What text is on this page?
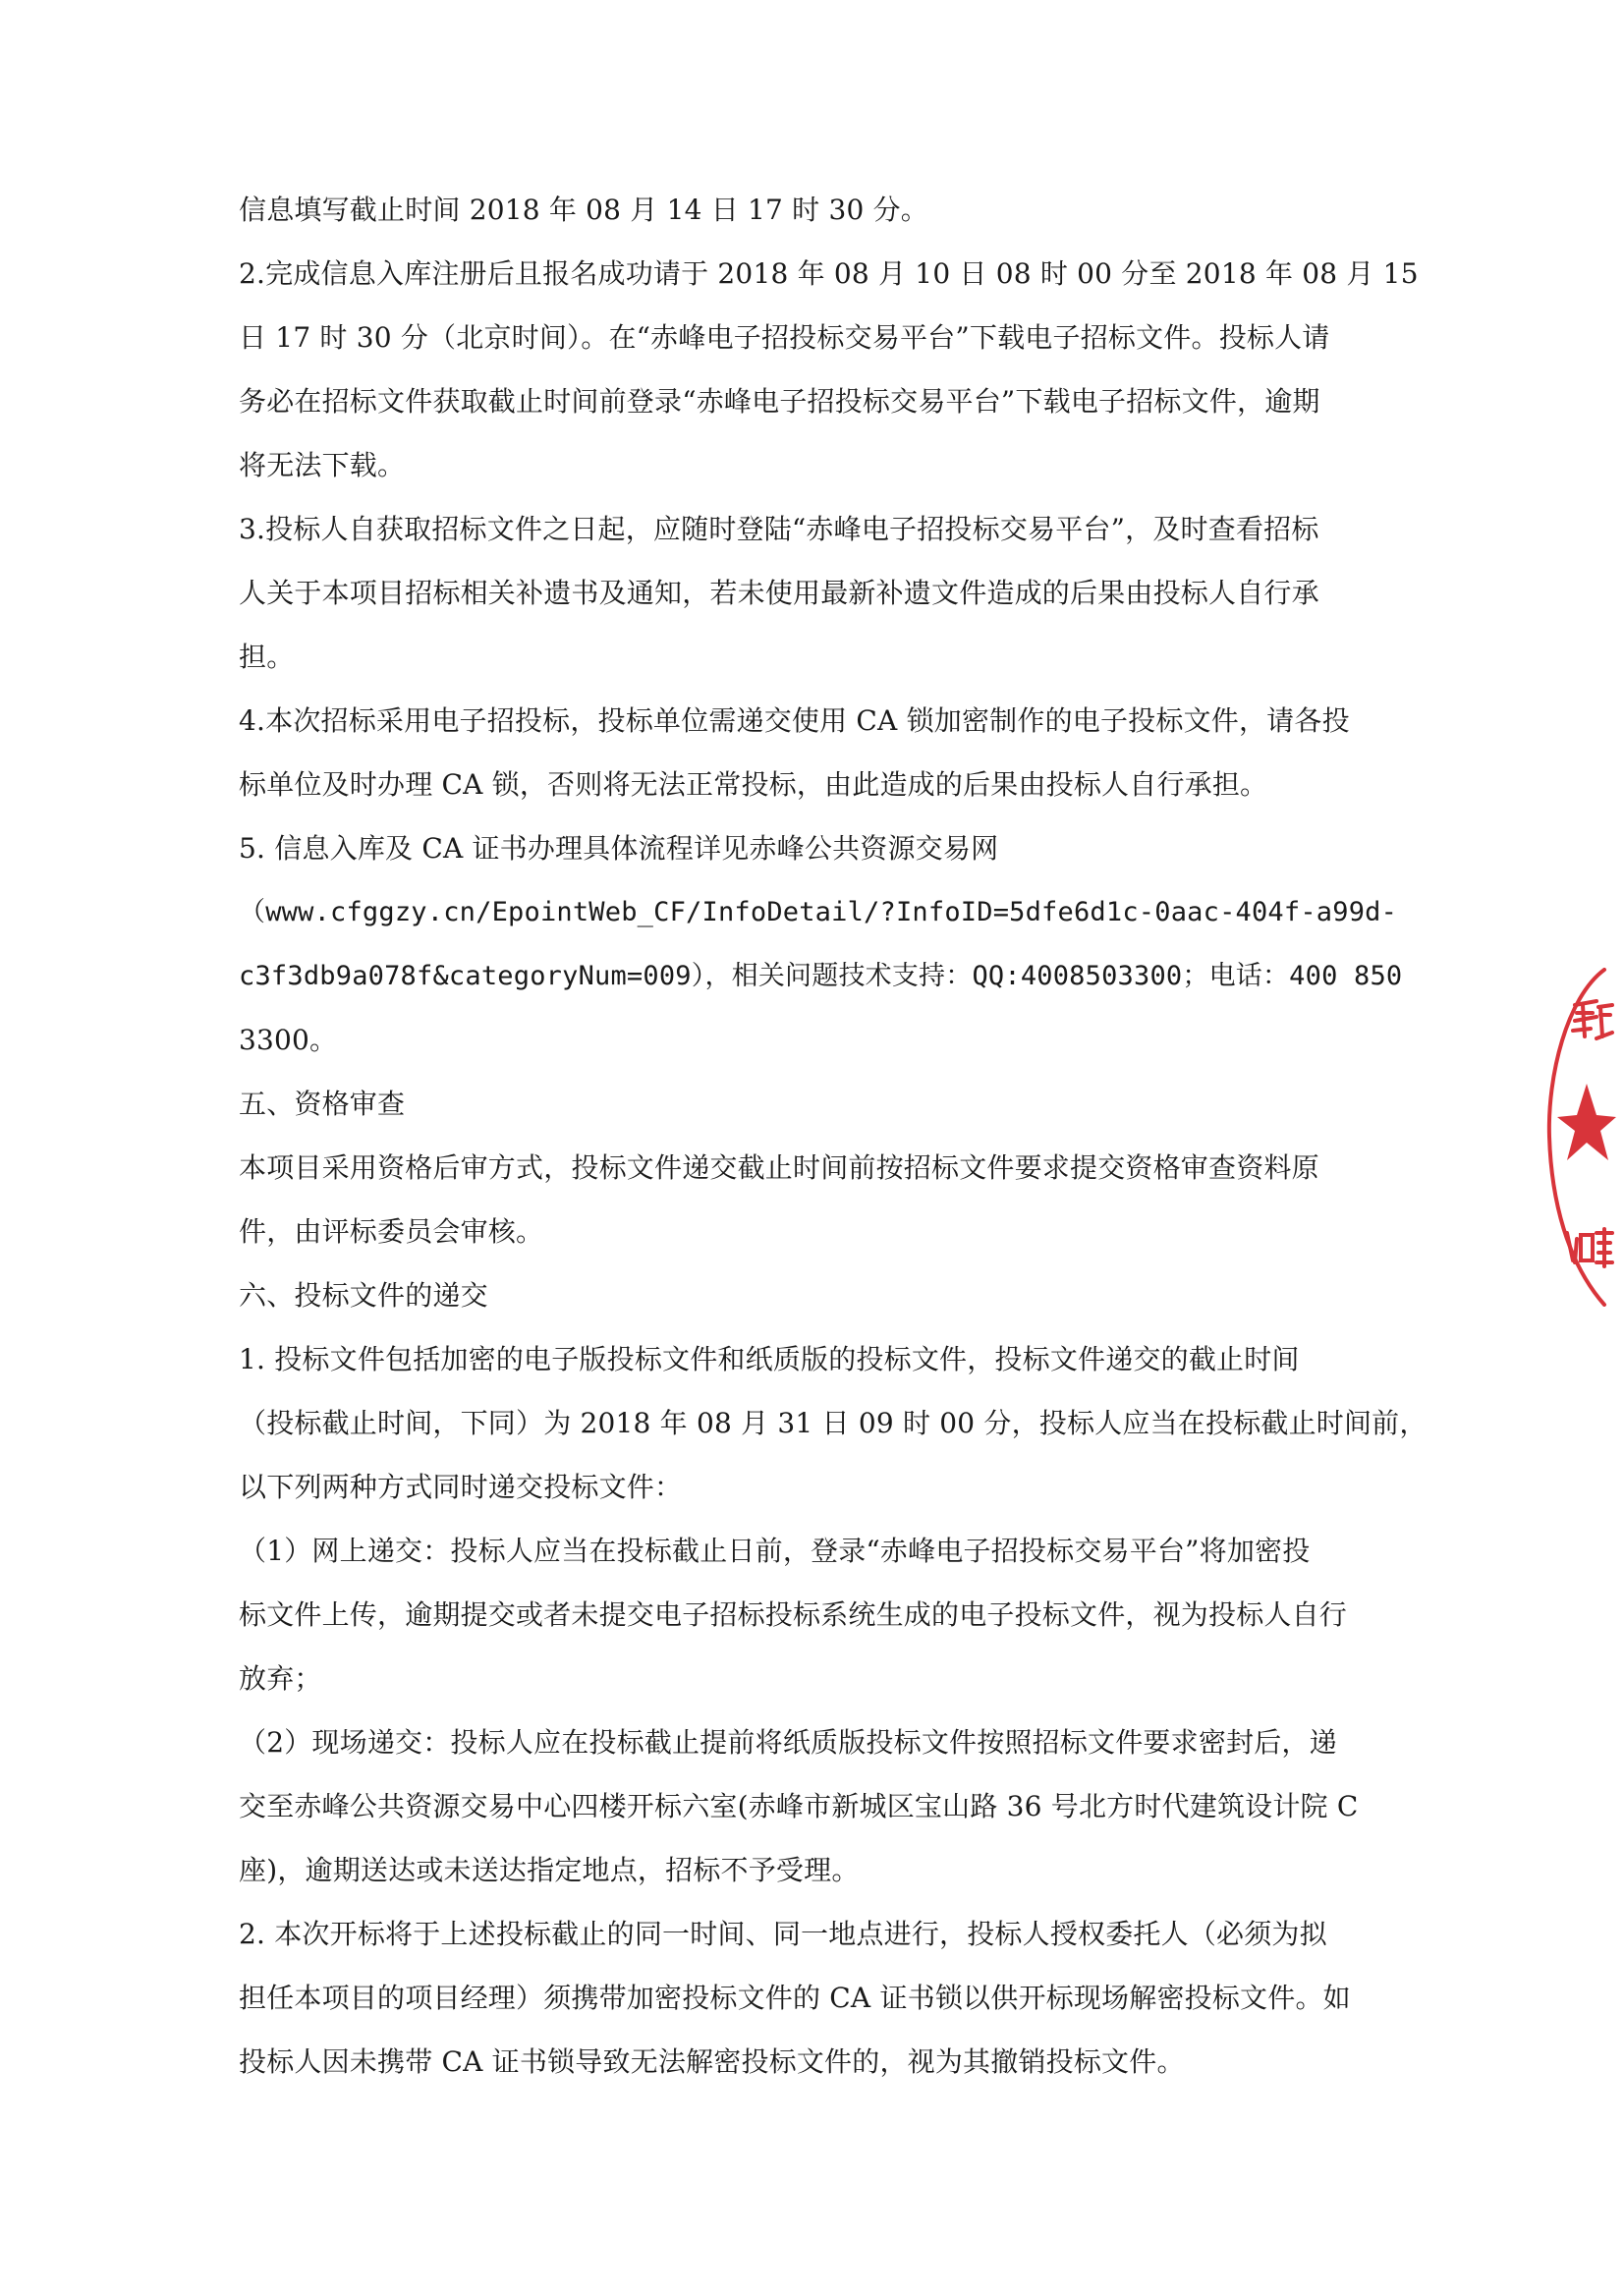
信息填写截止时间 2018 年 08 月 14 日 17 时 30 分。
2.完成信息入库注册后且报名成功请于 2018 年 08 月 10 日 08 时 00 分至 2018 年 08 月 15
日 17 时 30 分（北京时间）。在“赤峰电子招投标交易平台”下载电子招标文件。投标人请
务必在招标文件获取截止时间前登录“赤峰电子招投标交易平台”下载电子招标文件，逾期
将无法下载。
3.投标人自获取招标文件之日起，应随时登陆“赤峰电子招投标交易平台”，及时查看招标
人关于本项目招标相关补遗书及通知，若未使用最新补遗文件造成的后果由投标人自行承
担。
4.本次招标采用电子招投标，投标单位需递交使用 CA 锁加密制作的电子投标文件，请各投
标单位及时办理 CA 锁，否则将无法正常投标，由此造成的后果由投标人自行承担。
5. 信息入库及 CA 证书办理具体流程详见赤峰公共资源交易网
（www.cfggzy.cn/EpointWeb_CF/InfoDetail/?InfoID=5dfe6d1c-0aac-404f-a99d-
c3f3db9a078f&categoryNum=009），相关问题技术支持：QQ:4008503300；电话：400 850
3300。
五、资格审查
本项目采用资格后审方式，投标文件递交截止时间前按招标文件要求提交资格审查资料原
件，由评标委员会审核。
六、投标文件的递交
1. 投标文件包括加密的电子版投标文件和纸质版的投标文件，投标文件递交的截止时间
（投标截止时间，下同）为 2018 年 08 月 31 日 09 时 00 分，投标人应当在投标截止时间前，
以下列两种方式同时递交投标文件：
（1）网上递交：投标人应当在投标截止日前，登录“赤峰电子招投标交易平台”将加密投
标文件上传，逾期提交或者未提交电子招标投标系统生成的电子投标文件，视为投标人自行
放弃；
（2）现场递交：投标人应在投标截止提前将纸质版投标文件按照招标文件要求密封后，递
交至赤峰公共资源交易中心四楼开标六室(赤峰市新城区宝山路 36 号北方时代建筑设计院 C
座)，逾期送达或未送达指定地点，招标不予受理。
2. 本次开标将于上述投标截止的同一时间、同一地点进行，投标人授权委托人（必须为拟
担任本项目的项目经理）须携带加密投标文件的 CA 证书锁以供开标现场解密投标文件。如
投标人因未携带 CA 证书锁导致无法解密投标文件的，视为其撤销投标文件。
